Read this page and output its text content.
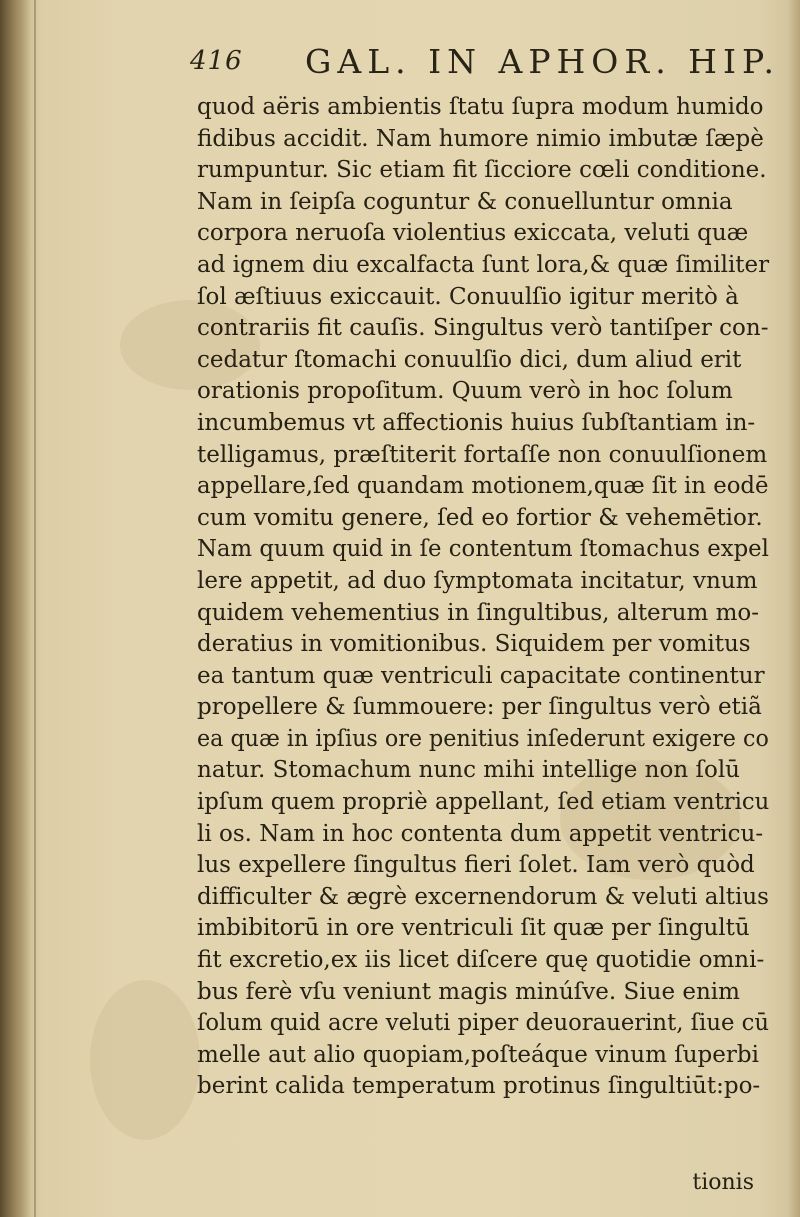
416 GAL. IN APHOR. HIP.
quod aëris ambientis ſtatu ſupra modum humido
fidibus accidit. Nam humore nimio imbutæ ſæpè
rumpuntur. Sic etiam fit ſicciore cœli conditione.
Nam in ſeipſa coguntur & conuelluntur omnia
corpora neruoſa violentius exiccata, veluti quæ
ad ignem diu excalfacta ſunt lora,& quæ ſimiliter
ſol æſtiuus exiccauit. Conuulſio igitur meritò à
contrariis fit cauſis. Singultus verò tantiſper con-
cedatur ſtomachi conuulſio dici, dum aliud erit
orationis propoſitum. Quum verò in hoc ſolum
incumbemus vt affectionis huius ſubſtantiam in-
telligamus, præſtiterit fortaſſe non conuulſionem
appellare,ſed quandam motionem,quæ ſit in eodē
cum vomitu genere, ſed eo fortior & vehemētior.
Nam quum quid in ſe contentum ſtomachus expel
lere appetit, ad duo ſymptomata incitatur, vnum
quidem vehementius in ſingultibus, alterum mo-
deratius in vomitionibus. Siquidem per vomitus
ea tantum quæ ventriculi capacitate continentur
propellere & ſummouere: per ſingultus verò etiã
ea quæ in ipſius ore penitius inſederunt exigere co
natur. Stomachum nunc mihi intellige non ſolū
ipſum quem propriè appellant, ſed etiam ventricu
li os. Nam in hoc contenta dum appetit ventricu-
lus expellere ſingultus fieri ſolet. Iam verò quòd
difficulter & ægrè excernendorum & veluti altius
imbibitorū in ore ventriculi ſit quæ per ſingultū
fit excretio,ex iis licet diſcere quę quotidie omni-
bus ferè vſu veniunt magis minúſve. Siue enim
ſolum quid acre veluti piper deuorauerint, ſiue cū
melle aut alio quopiam,poſteáque vinum ſuperbi
berint calida temperatum protinus ſingultiūt:po-
tionis
